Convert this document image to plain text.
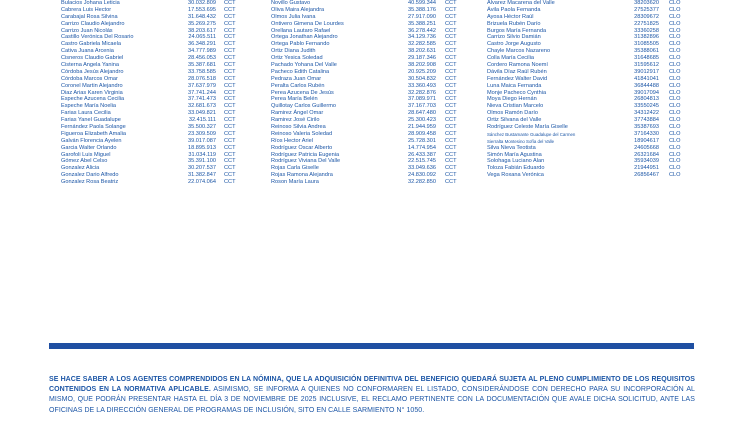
Bulacios Johana Leticia	30.032.809 CCT
Cabrera Luis Hector	17.553.695 CCT
Carabajal Rosa Silvina	31.648.432 CCT
Carrizo Claudio Alejandro	35.269.275 CCT
Carrizo Juan Nicolás	38.203.617 CCT
Castillo Verónica Del Rosario	24.065.511 CCT
Castro Gabriela Micaela	36.348.291 CCT
Cativa Juana Arcenia	34.777.989 CCT
Cisneros Claudio Gabriel	28.456.053 CCT
Cisterna Angela Yanina	35.387.681 CCT
Córdoba Jesús Alejandro	33.758.585 CCT
Córdoba Marcos Omar	28.076.518 CCT
Coronel Martin Alejandro	37.637.979 CCT
Diaz Arias Karen Virginia	37.741.244 CCT
Espeche Azucena Cecilia	37.741.473 CCT
Espeche María Noelia	32.681.673 CCT
Farias Laura Cecilia	33.049.821 CCT
Farias Yanel Guadalupe	32.415.111 CCT
Fernández Paola Solange	35.500.327 CCT
Figueroa Elizabeth Amalia	23.309.509 CCT
Galván Florencia Ayelen	39.017.087 CCT
Garcia Walter Orlando	18.895.913 CCT
Garofoli Luis Miguel	31.034.119 CCT
Gómez Abel Celso	35.391.100 CCT
Gonzalez Alicia	30.207.537 CCT
Gonzalez Dario Alfredo	31.382.847 CCT
Gonzalez Rosa Beatriz	22.074.064 CCT
Novillo Gustavo	40.599.344 CCT
Oliva Maira Alejandra	35.388.176 CCT
Olmos Julia Ivana	27.917.090 CCT
Ontivero Gimena De Lourdes	35.388.251 CCT
Orellana Lautaro Rafael	36.278.442 CCT
Ortega Jonathan Alejandro	34.129.736 CCT
Ortega Pablo Fernando	32.282.585 CCT
Ortiz Diana Judith	38.202.631 CCT
Ortiz Yesica Soledad	29.187.346 CCT
Pachado Yohana Del Valle	38.202.908 CCT
Pacheco Edith Catalina	20.925.209 CCT
Pedraza Juan Omar	30.504.832 CCT
Peralta Carlos Rubén	33.360.493 CCT
Perea Azucena De Jesús	32.282.876 CCT
Perea María Belén	37.089.971 CCT
Quillotay Carlos Guillermo	37.167.703 CCT
Ramirez Ángel Omar	28.647.480 CCT
Ramirez José Cirilo	25.300.423 CCT
Reinoso Silvia Andrea	21.944.959 CCT
Reinoso Valeria Soledad	28.909.458 CCT
Ríos Hector Ariel	25.728.301 CCT
Rodríguez Oscar Alberto	14.774.954 CCT
Rodríguez Patricia Eugenia	26.433.387 CCT
Rodríguez Viviana Del Valle	22.515.745 CCT
Rojas Carla Giselle	33.049.636 CCT
Rojas Ramona Alejandra	24.830.092 CCT
Roson María Laura	32.282.850 CCT
Álvarez Macarena del Valle	38203620 CLO
Ávila Paola Fernanda	27525377 CLO
Ayosa Héctor Raúl	28309672 CLO
Brizuela Rubén Darío	22751825 CLO
Burgos María Fernanda	33360258 CLO
Carrizo Silvio Damián	31382896 CLO
Castro Jorge Augusto	31085505 CLO
Chayle Marcos Nazareno	35388061 CLO
Colla María Cecilia	31648685 CLO
Cordero Ramona Noemí	31595612 CLO
Dávila Díaz Raúl Rubén	39012917 CLO
Fernández Walter David	41841041 CLO
Luna Maica Fernanda	36844488 CLO
Monje Pacheco Cynthia	39017094 CLO
Moya Diego Hernán	26804813 CLO
Nieva Cristian Marcelo	33550245 CLO
Olmos Ramón Darío	34312422 CLO
Ortiz Silvana del Valle	37743884 CLO
Rodríguez Celeste María Giselle	35387693 CLO
Sánchez Bustamante Guadalupe del Carmen	37164330 CLO
Sierralta Montesino Sofía del Valle	18904617 CLO
Silva Nieva Teotista	24605668 CLO
Simón María Agustina	26321684 CLO
Solohaga Luciano Alan	35934039 CLO
Toloza Fabián Eduardo	21944951 CLO
Vega Roxana Verónica	26856467 CLO
SE HACE SABER A LOS AGENTES COMPRENDIDOS EN LA NÓMINA, QUE LA ADQUISICIÓN DEFINITIVA DEL BENEFICIO QUEDARÁ SUJETA AL PLENO CUMPLIMIENTO DE LOS REQUISITOS CONTENIDOS EN LA NORMATIVA APLICABLE. ASIMISMO, SE INFORMA A QUIENES NO CONFORMAREN EL LISTADO, CONSIDERÁNDOSE CON DERECHO PARA SU INCORPORACIÓN AL MISMO, QUE PODRÁN PRESENTAR HASTA EL DÍA 3 DE NOVIEMBRE DE 2025 INCLUSIVE, EL RECLAMO PERTINENTE CON LA DOCUMENTACIÓN QUE AVALE DICHA SOLICITUD, ANTE LAS OFICINAS DE LA DIRECCIÓN GENERAL DE PROGRAMAS DE INCLUSIÓN, SITO EN CALLE SARMIENTO N° 1050.
